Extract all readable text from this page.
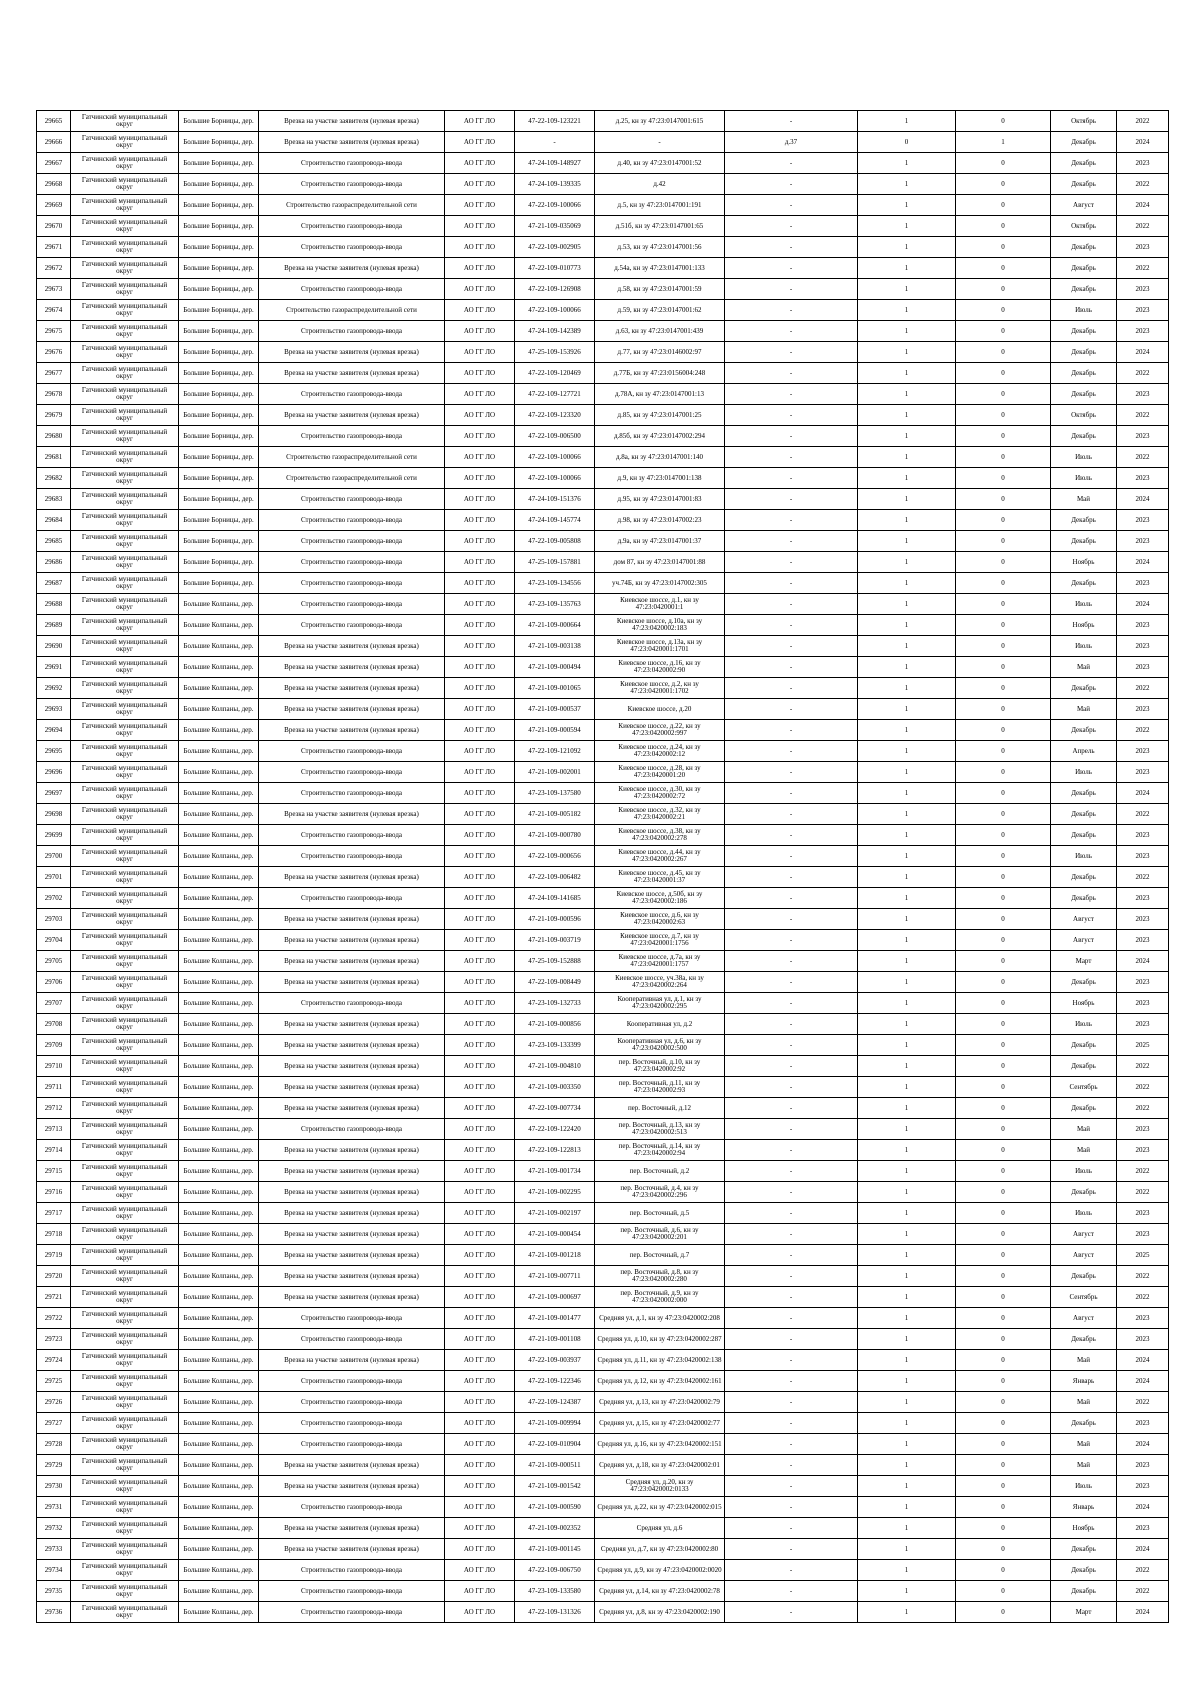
29665	Гатчинский муниципальный округ	Большие Борницы, дер.	Врезка на участке заявителя (нулевая врезка)	АО ГГ ЛО	47-22-109-123221	д.25, кн зу 47:23:0147001:615	-	1	0	Октябрь	2022
29666	Гатчинский муниципальный округ	Большие Борницы, дер.	Врезка на участке заявителя (нулевая врезка)	АО ГГ ЛО	-	-	д.37	0	1	Декабрь	2024
29667	Гатчинский муниципальный округ	Большие Борницы, дер.	Строительство газопровода-ввода	АО ГГ ЛО	47-24-109-148927	д.40, кн зу 47:23:0147001:52	-	1	0	Декабрь	2023
29668	Гатчинский муниципальный округ	Большие Борницы, дер.	Строительство газопровода-ввода	АО ГГ ЛО	47-24-109-139335	д.42	-	1	0	Декабрь	2022
29669	Гатчинский муниципальный округ	Большие Борницы, дер.	Строительство газораспределительной сети	АО ГГ ЛО	47-22-109-100066	д.5, кн зу 47:23:0147001:191	-	1	0	Август	2024
29670	Гатчинский муниципальный округ	Большие Борницы, дер.	Строительство газопровода-ввода	АО ГГ ЛО	47-21-109-035069	д.51б, кн зу 47:23:0147001:65	-	1	0	Октябрь	2022
29671	Гатчинский муниципальный округ	Большие Борницы, дер.	Строительство газопровода-ввода	АО ГГ ЛО	47-22-109-002905	д.53, кн зу 47:23:0147001:56	-	1	0	Декабрь	2023
29672	Гатчинский муниципальный округ	Большие Борницы, дер.	Врезка на участке заявителя (нулевая врезка)	АО ГГ ЛО	47-22-109-010773	д.54а, кн зу 47:23:0147001:133	-	1	0	Декабрь	2022
29673	Гатчинский муниципальный округ	Большие Борницы, дер.	Строительство газопровода-ввода	АО ГГ ЛО	47-22-109-126908	д.58, кн зу 47:23:0147001:59	-	1	0	Декабрь	2023
29674	Гатчинский муниципальный округ	Большие Борницы, дер.	Строительство газораспределительной сети	АО ГГ ЛО	47-22-109-100066	д.59, кн зу 47:23:0147001:62	-	1	0	Июль	2023
29675	Гатчинский муниципальный округ	Большие Борницы, дер.	Строительство газопровода-ввода	АО ГГ ЛО	47-24-109-142389	д.63, кн зу 47:23:0147001:439	-	1	0	Декабрь	2023
29676	Гатчинский муниципальный округ	Большие Борницы, дер.	Врезка на участке заявителя (нулевая врезка)	АО ГГ ЛО	47-25-109-153926	д.77, кн зу 47:23:0146002:97	-	1	0	Декабрь	2024
29677	Гатчинский муниципальный округ	Большие Борницы, дер.	Врезка на участке заявителя (нулевая врезка)	АО ГГ ЛО	47-22-109-120469	д.77Б, кн зу 47:23:0156004:248	-	1	0	Декабрь	2022
29678	Гатчинский муниципальный округ	Большие Борницы, дер.	Строительство газопровода-ввода	АО ГГ ЛО	47-22-109-127721	д.78А, кн зу 47:23:0147001:13	-	1	0	Декабрь	2023
29679	Гатчинский муниципальный округ	Большие Борницы, дер.	Врезка на участке заявителя (нулевая врезка)	АО ГГ ЛО	47-22-109-123320	д.85, кн зу 47:23:0147001:25	-	1	0	Октябрь	2022
29680	Гатчинский муниципальный округ	Большие Борницы, дер.	Строительство газопровода-ввода	АО ГГ ЛО	47-22-109-006500	д.85б, кн зу 47:23:0147002:294	-	1	0	Декабрь	2023
29681	Гатчинский муниципальный округ	Большие Борницы, дер.	Строительство газораспределительной сети	АО ГГ ЛО	47-22-109-100066	д.8а, кн зу 47:23:0147001:140	-	1	0	Июль	2022
29682	Гатчинский муниципальный округ	Большие Борницы, дер.	Строительство газораспределительной сети	АО ГГ ЛО	47-22-109-100066	д.9, кн зу 47:23:0147001:138	-	1	0	Июль	2023
29683	Гатчинский муниципальный округ	Большие Борницы, дер.	Строительство газопровода-ввода	АО ГГ ЛО	47-24-109-151376	д.95, кн зу 47:23:0147001:83	-	1	0	Май	2024
29684	Гатчинский муниципальный округ	Большие Борницы, дер.	Строительство газопровода-ввода	АО ГГ ЛО	47-24-109-145774	д.98, кн зу 47:23:0147002:23	-	1	0	Декабрь	2023
29685	Гатчинский муниципальный округ	Большие Борницы, дер.	Строительство газопровода-ввода	АО ГГ ЛО	47-22-109-005808	д.9а, кн зу 47:23:0147001:37	-	1	0	Декабрь	2023
29686	Гатчинский муниципальный округ	Большие Борницы, дер.	Строительство газопровода-ввода	АО ГГ ЛО	47-25-109-157881	дом 87, кн зу 47:23:0147001:88	-	1	0	Ноябрь	2024
29687	Гатчинский муниципальный округ	Большие Борницы, дер.	Строительство газопровода-ввода	АО ГГ ЛО	47-23-109-134556	уч.74Б, кн зу 47:23:0147002:305	-	1	0	Декабрь	2023
29688	Гатчинский муниципальный округ	Большие Колпаны, дер.	Строительство газопровода-ввода	АО ГГ ЛО	47-23-109-135763	Киевское шоссе, д.1, кн зу 47:23:0420001:1	-	1	0	Июль	2024
29689	Гатчинский муниципальный округ	Большие Колпаны, дер.	Строительство газопровода-ввода	АО ГГ ЛО	47-21-109-000664	Киевское шоссе, д.10а, кн зу 47:23:0420002:183	-	1	0	Ноябрь	2023
29690	Гатчинский муниципальный округ	Большие Колпаны, дер.	Врезка на участке заявителя (нулевая врезка)	АО ГГ ЛО	47-21-109-003138	Киевское шоссе, д.13а, кн зу 47:23:0420001:1701	-	1	0	Июль	2023
29691	Гатчинский муниципальный округ	Большие Колпаны, дер.	Врезка на участке заявителя (нулевая врезка)	АО ГГ ЛО	47-21-109-000494	Киевское шоссе, д.16, кн зу 47:23:0420002:90	-	1	0	Май	2023
29692	Гатчинский муниципальный округ	Большие Колпаны, дер.	Врезка на участке заявителя (нулевая врезка)	АО ГГ ЛО	47-21-109-001065	Киевское шоссе, д.2, кн зу 47:23:0420001:1702	-	1	0	Декабрь	2022
29693	Гатчинский муниципальный округ	Большие Колпаны, дер.	Врезка на участке заявителя (нулевая врезка)	АО ГГ ЛО	47-21-109-000537	Киевское шоссе, д.20	-	1	0	Май	2023
29694	Гатчинский муниципальный округ	Большие Колпаны, дер.	Врезка на участке заявителя (нулевая врезка)	АО ГГ ЛО	47-21-109-000594	Киевское шоссе, д.22, кн зу 47:23:0420002:997	-	1	0	Декабрь	2022
29695	Гатчинский муниципальный округ	Большие Колпаны, дер.	Строительство газопровода-ввода	АО ГГ ЛО	47-22-109-121092	Киевское шоссе, д.24, кн зу 47:23:0420002:12	-	1	0	Апрель	2023
29696	Гатчинский муниципальный округ	Большие Колпаны, дер.	Строительство газопровода-ввода	АО ГГ ЛО	47-21-109-002001	Киевское шоссе, д.28, кн зу 47:23:0420001:20	-	1	0	Июль	2023
29697	Гатчинский муниципальный округ	Большие Колпаны, дер.	Строительство газопровода-ввода	АО ГГ ЛО	47-23-109-137580	Киевское шоссе, д.30, кн зу 47:23:0420002:72	-	1	0	Декабрь	2024
29698	Гатчинский муниципальный округ	Большие Колпаны, дер.	Врезка на участке заявителя (нулевая врезка)	АО ГГ ЛО	47-21-109-005182	Киевское шоссе, д.32, кн зу 47:23:0420002:21	-	1	0	Декабрь	2022
29699	Гатчинский муниципальный округ	Большие Колпаны, дер.	Строительство газопровода-ввода	АО ГГ ЛО	47-21-109-000780	Киевское шоссе, д.38, кн зу 47:23:0420002:278	-	1	0	Декабрь	2023
29700	Гатчинский муниципальный округ	Большие Колпаны, дер.	Строительство газопровода-ввода	АО ГГ ЛО	47-22-109-000656	Киевское шоссе, д.44, кн зу 47:23:0420002:267	-	1	0	Июль	2023
29701	Гатчинский муниципальный округ	Большие Колпаны, дер.	Врезка на участке заявителя (нулевая врезка)	АО ГГ ЛО	47-22-109-006482	Киевское шоссе, д.45, кн зу 47:23:0420001:37	-	1	0	Декабрь	2022
29702	Гатчинский муниципальный округ	Большие Колпаны, дер.	Строительство газопровода-ввода	АО ГГ ЛО	47-24-109-141685	Киевское шоссе, д.50б, кн зу 47:23:0420002:186	-	1	0	Декабрь	2023
29703	Гатчинский муниципальный округ	Большие Колпаны, дер.	Врезка на участке заявителя (нулевая врезка)	АО ГГ ЛО	47-21-109-000596	Киевское шоссе, д.6, кн зу 47:23:0420002:63	-	1	0	Август	2023
29704	Гатчинский муниципальный округ	Большие Колпаны, дер.	Врезка на участке заявителя (нулевая врезка)	АО ГГ ЛО	47-21-109-003719	Киевское шоссе, д.7, кн зу 47:23:0420001:1756	-	1	0	Август	2023
29705	Гатчинский муниципальный округ	Большие Колпаны, дер.	Врезка на участке заявителя (нулевая врезка)	АО ГГ ЛО	47-25-109-152888	Киевское шоссе, д.7а, кн зу 47:23:0420001:1757	-	1	0	Март	2024
29706	Гатчинский муниципальный округ	Большие Колпаны, дер.	Врезка на участке заявителя (нулевая врезка)	АО ГГ ЛО	47-22-109-008449	Киевское шоссе, уч.38а, кн зу 47:23:0420002:264	-	1	0	Декабрь	2023
29707	Гатчинский муниципальный округ	Большие Колпаны, дер.	Строительство газопровода-ввода	АО ГГ ЛО	47-23-109-132733	Кооперативная ул, д.1, кн зу 47:23:0420002:295	-	1	0	Ноябрь	2023
29708	Гатчинский муниципальный округ	Большие Колпаны, дер.	Врезка на участке заявителя (нулевая врезка)	АО ГГ ЛО	47-21-109-000856	Кооперативная ул, д.2	-	1	0	Июль	2023
29709	Гатчинский муниципальный округ	Большие Колпаны, дер.	Врезка на участке заявителя (нулевая врезка)	АО ГГ ЛО	47-23-109-133399	Кооперативная ул, д.6, кн зу 47:23:0420002:500	-	1	0	Декабрь	2025
29710	Гатчинский муниципальный округ	Большие Колпаны, дер.	Врезка на участке заявителя (нулевая врезка)	АО ГГ ЛО	47-21-109-004810	пер. Восточный, д.10, кн зу 47:23:0420002:92	-	1	0	Декабрь	2022
29711	Гатчинский муниципальный округ	Большие Колпаны, дер.	Врезка на участке заявителя (нулевая врезка)	АО ГГ ЛО	47-21-109-003350	пер. Восточный, д.11, кн зу 47:23:0420002:93	-	1	0	Сентябрь	2022
29712	Гатчинский муниципальный округ	Большие Колпаны, дер.	Врезка на участке заявителя (нулевая врезка)	АО ГГ ЛО	47-22-109-007734	пер. Восточный, д.12	-	1	0	Декабрь	2022
29713	Гатчинский муниципальный округ	Большие Колпаны, дер.	Строительство газопровода-ввода	АО ГГ ЛО	47-22-109-122420	пер. Восточный, д.13, кн зу 47:23:0420002:513	-	1	0	Май	2023
29714	Гатчинский муниципальный округ	Большие Колпаны, дер.	Врезка на участке заявителя (нулевая врезка)	АО ГГ ЛО	47-22-109-122813	пер. Восточный, д.14, кн зу 47:23:0420002:94	-	1	0	Май	2023
29715	Гатчинский муниципальный округ	Большие Колпаны, дер.	Врезка на участке заявителя (нулевая врезка)	АО ГГ ЛО	47-21-109-001734	пер. Восточный, д.2	-	1	0	Июль	2022
29716	Гатчинский муниципальный округ	Большие Колпаны, дер.	Врезка на участке заявителя (нулевая врезка)	АО ГГ ЛО	47-21-109-002295	пер. Восточный, д.4, кн зу 47:23:0420002:296	-	1	0	Декабрь	2022
29717	Гатчинский муниципальный округ	Большие Колпаны, дер.	Врезка на участке заявителя (нулевая врезка)	АО ГГ ЛО	47-21-109-002197	пер. Восточный, д.5	-	1	0	Июль	2023
29718	Гатчинский муниципальный округ	Большие Колпаны, дер.	Врезка на участке заявителя (нулевая врезка)	АО ГГ ЛО	47-21-109-000454	пер. Восточный, д.6, кн зу 47:23:0420002:201	-	1	0	Август	2023
29719	Гатчинский муниципальный округ	Большие Колпаны, дер.	Врезка на участке заявителя (нулевая врезка)	АО ГГ ЛО	47-21-109-001218	пер. Восточный, д.7	-	1	0	Август	2025
29720	Гатчинский муниципальный округ	Большие Колпаны, дер.	Врезка на участке заявителя (нулевая врезка)	АО ГГ ЛО	47-21-109-007711	пер. Восточный, д.8, кн зу 47:23:0420002:280	-	1	0	Декабрь	2022
29721	Гатчинский муниципальный округ	Большие Колпаны, дер.	Врезка на участке заявителя (нулевая врезка)	АО ГГ ЛО	47-21-109-000697	пер. Восточный, д.9, кн зу 47:23:0420002:000	-	1	0	Сентябрь	2022
29722	Гатчинский муниципальный округ	Большие Колпаны, дер.	Строительство газопровода-ввода	АО ГГ ЛО	47-21-109-001477	Средняя ул, д.1, кн зу 47:23:0420002:208	-	1	0	Август	2023
29723	Гатчинский муниципальный округ	Большие Колпаны, дер.	Строительство газопровода-ввода	АО ГГ ЛО	47-21-109-001108	Средняя ул, д.10, кн зу 47:23:0420002:287	-	1	0	Декабрь	2023
29724	Гатчинский муниципальный округ	Большие Колпаны, дер.	Врезка на участке заявителя (нулевая врезка)	АО ГГ ЛО	47-22-109-003937	Средняя ул, д.11, кн зу 47:23:0420002:138	-	1	0	Май	2024
29725	Гатчинский муниципальный округ	Большие Колпаны, дер.	Строительство газопровода-ввода	АО ГГ ЛО	47-22-109-122346	Средняя ул, д.12, кн зу 47:23:0420002:161	-	1	0	Январь	2024
29726	Гатчинский муниципальный округ	Большие Колпаны, дер.	Строительство газопровода-ввода	АО ГГ ЛО	47-22-109-124387	Средняя ул, д.13, кн зу 47:23:0420002:79	-	1	0	Май	2022
29727	Гатчинский муниципальный округ	Большие Колпаны, дер.	Строительство газопровода-ввода	АО ГГ ЛО	47-21-109-009994	Средняя ул, д.15, кн зу 47:23:0420002:77	-	1	0	Декабрь	2023
29728	Гатчинский муниципальный округ	Большие Колпаны, дер.	Строительство газопровода-ввода	АО ГГ ЛО	47-22-109-010904	Средняя ул, д.16, кн зу 47:23:0420002:151	-	1	0	Май	2024
29729	Гатчинский муниципальный округ	Большие Колпаны, дер.	Врезка на участке заявителя (нулевая врезка)	АО ГГ ЛО	47-21-109-000511	Средняя ул, д.18, кн зу 47:23:0420002:01	-	1	0	Май	2023
29730	Гатчинский муниципальный округ	Большие Колпаны, дер.	Врезка на участке заявителя (нулевая врезка)	АО ГГ ЛО	47-21-109-001542	Средняя ул, д.20, кн зу 47:23:0420002:0133	-	1	0	Июль	2023
29731	Гатчинский муниципальный округ	Большие Колпаны, дер.	Строительство газопровода-ввода	АО ГГ ЛО	47-21-109-000590	Средняя ул, д.22, кн зу 47:23:0420002:015	-	1	0	Январь	2024
29732	Гатчинский муниципальный округ	Большие Колпаны, дер.	Врезка на участке заявителя (нулевая врезка)	АО ГГ ЛО	47-21-109-002352	Средняя ул, д.6	-	1	0	Ноябрь	2023
29733	Гатчинский муниципальный округ	Большие Колпаны, дер.	Врезка на участке заявителя (нулевая врезка)	АО ГГ ЛО	47-21-109-001145	Средняя ул, д.7, кн зу 47:23:0420002:80	-	1	0	Декабрь	2024
29734	Гатчинский муниципальный округ	Большие Колпаны, дер.	Строительство газопровода-ввода	АО ГГ ЛО	47-22-109-006750	Средняя ул, д.9, кн зу 47:23:0420002:0020	-	1	0	Декабрь	2022
29735	Гатчинский муниципальный округ	Большие Колпаны, дер.	Строительство газопровода-ввода	АО ГГ ЛО	47-23-109-133580	Средняя ул, д.14, кн зу 47:23:0420002:78	-	1	0	Декабрь	2022
29736	Гатчинский муниципальный округ	Большие Колпаны, дер.	Строительство газопровода-ввода	АО ГГ ЛО	47-22-109-131326	Средняя ул, д.8, кн зу 47:23:0420002:190	-	1	0	Март	2024
